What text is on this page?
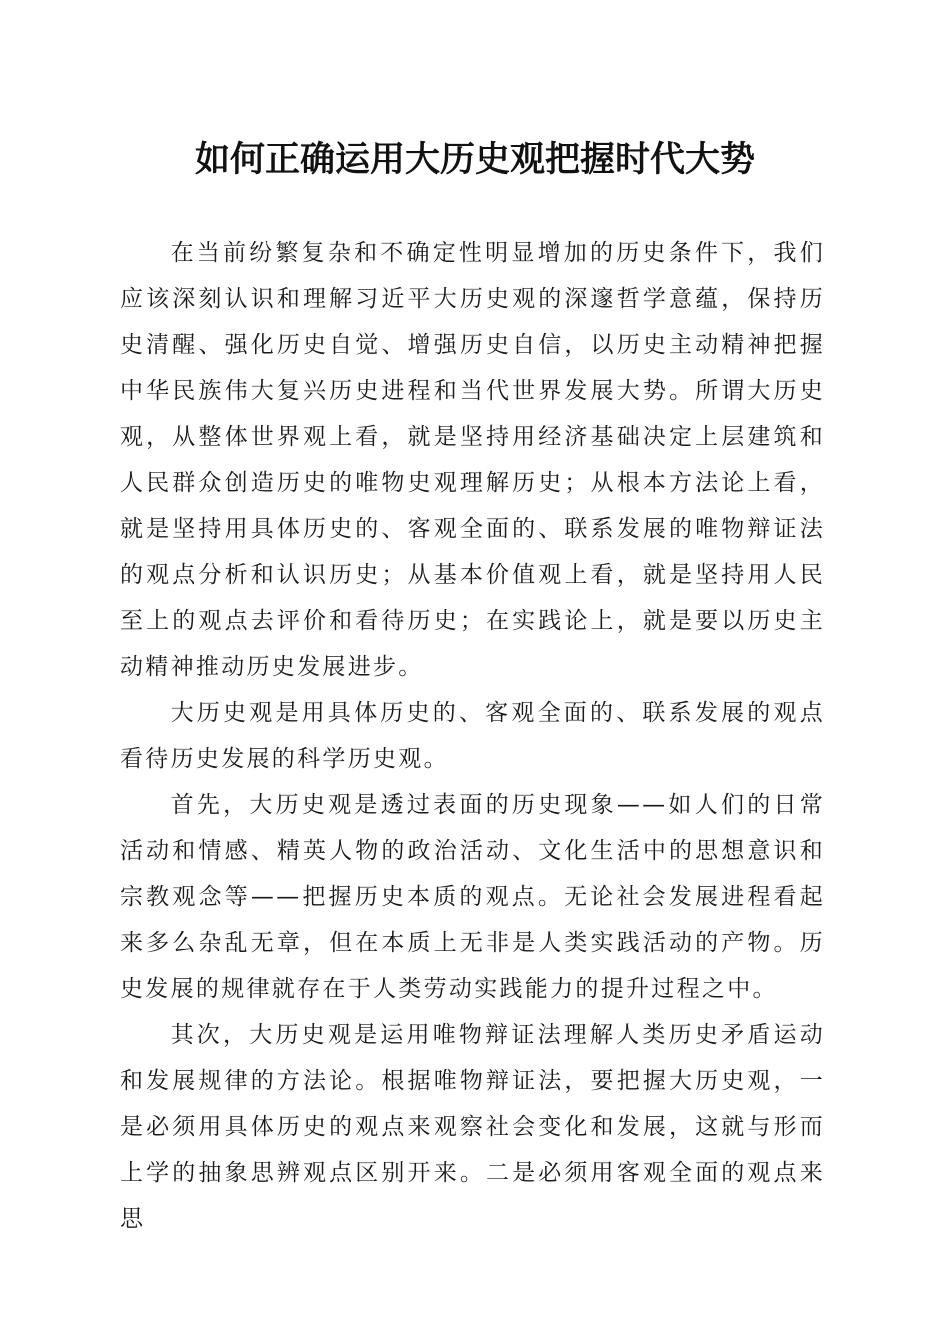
如何正确运用大历史观把握时代大势

在当前纷繁复杂和不确定性明显增加的历史条件下，我们应该深刻认识和理解习近平大历史观的深邃哲学意蕴，保持历史清醒、强化历史自觉、增强历史自信，以历史主动精神把握中华民族伟大复兴历史进程和当代世界发展大势。所谓大历史观，从整体世界观上看，就是坚持用经济基础决定上层建筑和人民群众创造历史的唯物史观理解历史；从根本方法论上看，就是坚持用具体历史的、客观全面的、联系发展的唯物辩证法的观点分析和认识历史；从基本价值观上看，就是坚持用人民至上的观点去评价和看待历史；在实践论上，就是要以历史主动精神推动历史发展进步。

大历史观是用具体历史的、客观全面的、联系发展的观点看待历史发展的科学历史观。

首先，大历史观是透过表面的历史现象——如人们的日常活动和情感、精英人物的政治活动、文化生活中的思想意识和宗教观念等——把握历史本质的观点。无论社会发展进程看起来多么杂乱无章，但在本质上无非是人类实践活动的产物。历史发展的规律就存在于人类劳动实践能力的提升过程之中。

其次，大历史观是运用唯物辩证法理解人类历史矛盾运动和发展规律的方法论。根据唯物辩证法，要把握大历史观，一是必须用具体历史的观点来观察社会变化和发展，这就与形而上学的抽象思辨观点区别开来。二是必须用客观全面的观点来思
